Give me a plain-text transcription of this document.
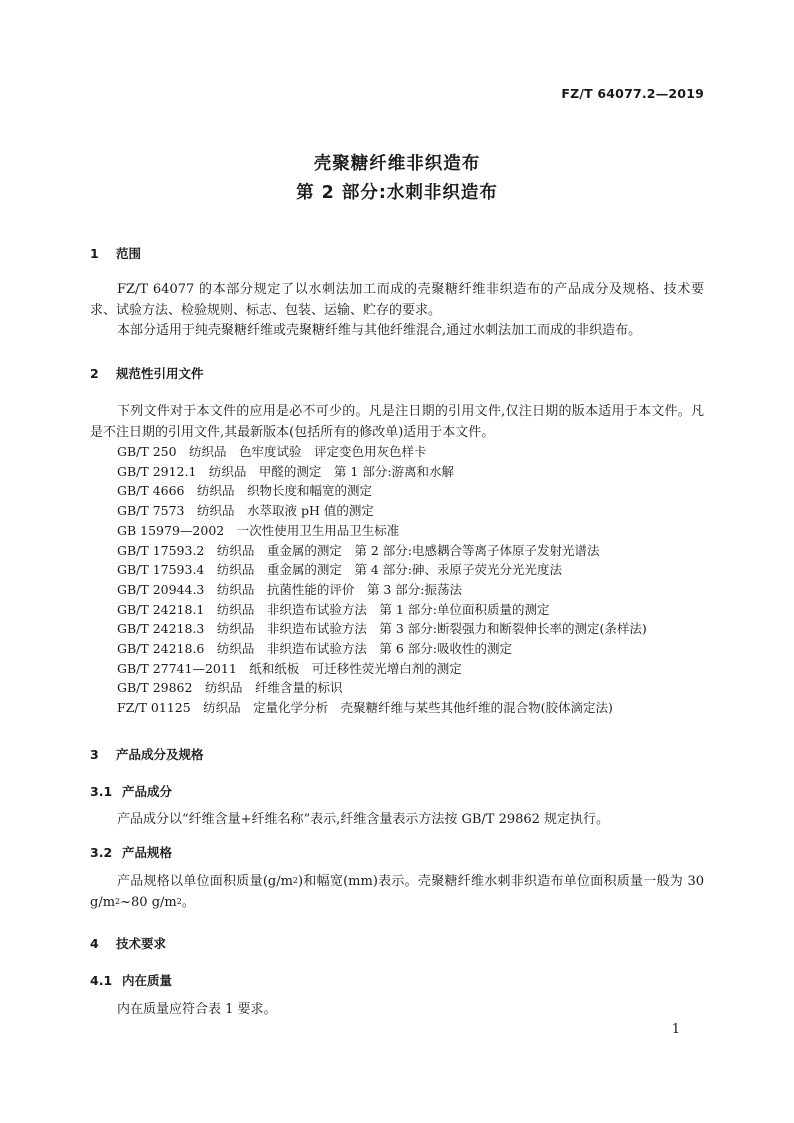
FZ/T 64077.2—2019
壳聚糖纤维非织造布
第 2 部分:水刺非织造布
1 范围

FZ/T 64077 的本部分规定了以水刺法加工而成的壳聚糖纤维非织造布的产品成分及规格、技术要求、试验方法、检验规则、标志、包装、运输、贮存的要求。

本部分适用于纯壳聚糖纤维或壳聚糖纤维与其他纤维混合,通过水刺法加工而成的非织造布。

2 规范性引用文件

下列文件对于本文件的应用是必不可少的。凡是注日期的引用文件,仅注日期的版本适用于本文件。凡是不注日期的引用文件,其最新版本(包括所有的修改单)适用于本文件。

GB/T 250　纺织品　色牢度试验　评定变色用灰色样卡
GB/T 2912.1　纺织品　甲醛的测定　第 1 部分:游离和水解
GB/T 4666　纺织品　织物长度和幅宽的测定
GB/T 7573　纺织品　水萃取液 pH 值的测定
GB 15979—2002　一次性使用卫生用品卫生标准
GB/T 17593.2　纺织品　重金属的测定　第 2 部分:电感耦合等离子体原子发射光谱法
GB/T 17593.4　纺织品　重金属的测定　第 4 部分:砷、汞原子荧光分光光度法
GB/T 20944.3　纺织品　抗菌性能的评价　第 3 部分:振荡法
GB/T 24218.1　纺织品　非织造布试验方法　第 1 部分:单位面积质量的测定
GB/T 24218.3　纺织品　非织造布试验方法　第 3 部分:断裂强力和断裂伸长率的测定(条样法)
GB/T 24218.6　纺织品　非织造布试验方法　第 6 部分:吸收性的测定
GB/T 27741—2011　纸和纸板　可迁移性荧光增白剂的测定
GB/T 29862　纺织品　纤维含量的标识
FZ/T 01125　纺织品　定量化学分析　壳聚糖纤维与某些其他纤维的混合物(胶体滴定法)
3 产品成分及规格
3.1 产品成分

产品成分以“纤维含量+纤维名称”表示,纤维含量表示方法按 GB/T 29862 规定执行。

3.2 产品规格

产品规格以单位面积质量$(g/m^2)$和幅宽(mm)表示。壳聚糖纤维水刺非织造布单位面积质量一般为 30 $g/m^2\sim 80$ $g/m^2$。

4 技术要求
4.1 内在质量

内在质量应符合表 1 要求。

1
